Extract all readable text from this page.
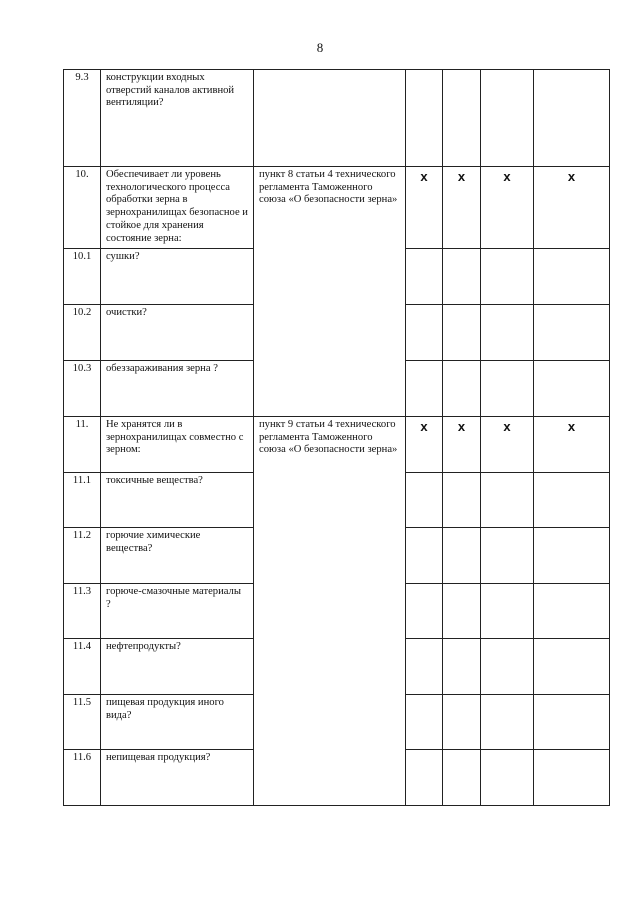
8
9.3	конструкции входных отверстий каналов активной вентиляции?					
10.	Обеспечивает ли уровень технологического процесса обработки зерна в зернохранилищах безопасное и стойкое для хранения состояние зерна:	пункт 8 статьи 4 технического регламента Таможенного союза «О безопасности зерна»	x	x	x	x
10.1	сушки?					
10.2	очистки?					
10.3	обеззараживания зерна ?					
11.	Не хранятся ли в зернохранилищах совместно с зерном:	пункт 9 статьи 4 технического регламента Таможенного союза «О безопасности зерна»	x	x	x	x
11.1	токсичные вещества?					
11.2	горючие химические вещества?					
11.3	горюче-смазочные материалы ?					
11.4	нефтепродукты?					
11.5	пищевая продукция иного вида?					
11.6	непищевая продукция?					
